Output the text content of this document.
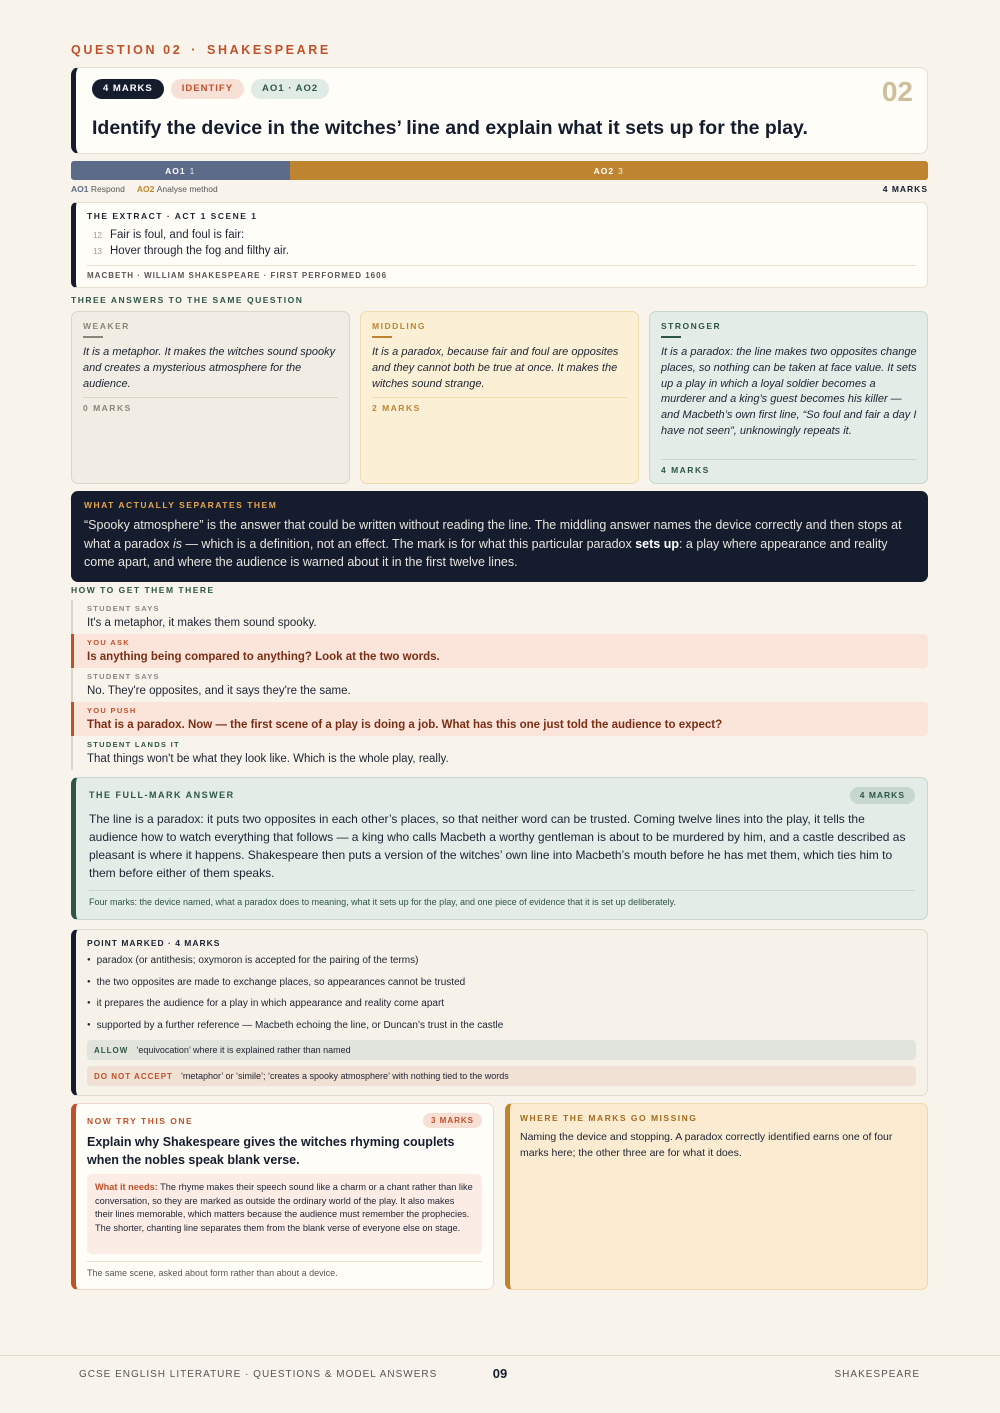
QUESTION 02 · SHAKESPEARE
4 MARKS	IDENTIFY	AO1 · AO2	02
Identify the device in the witches’ line and explain what it sets up for the play.
AO1 1	AO2 3
AO1
Respond AO2
Analyse method	4 MARKS
THE EXTRACT · ACT 1 SCENE 1
12 Fair is foul, and foul is fair:
13 Hover through the fog and filthy air.
MACBETH · WILLIAM SHAKESPEARE · FIRST PERFORMED 1606
THREE ANSWERS TO THE SAME QUESTION
WEAKER
It is a metaphor. It makes the witches sound spooky and creates a mysterious atmosphere for the audience.
0 MARKS
MIDDLING
It is a paradox, because fair and foul are opposites and they cannot both be true at once. It makes the witches sound strange.
2 MARKS
STRONGER
It is a paradox: the line makes two opposites change places, so nothing can be taken at face value. It sets up a play in which a loyal soldier becomes a murderer and a king’s guest becomes his killer — and Macbeth’s own first line, “So foul and fair a day I have not seen”, unknowingly repeats it.
4 MARKS
WHAT ACTUALLY SEPARATES THEM
“Spooky atmosphere” is the answer that could be written without reading the line. The middling answer names the device correctly and then stops at what a paradox is — which is a definition, not an effect. The mark is for what this particular paradox sets up: a play where appearance and reality come apart, and where the audience is warned about it in the first twelve lines.
HOW TO GET THEM THERE
STUDENT SAYS
It's a metaphor, it makes them sound spooky.
YOU ASK
Is anything being compared to anything? Look at the two words.
STUDENT SAYS
No. They're opposites, and it says they're the same.
YOU PUSH
That is a paradox. Now — the first scene of a play is doing a job. What has this one just told the audience to expect?
STUDENT LANDS IT
That things won't be what they look like. Which is the whole play, really.
THE FULL-MARK ANSWER	4 MARKS
The line is a paradox: it puts two opposites in each other’s places, so that neither word can be trusted. Coming twelve lines into the play, it tells the audience how to watch everything that follows — a king who calls Macbeth a worthy gentleman is about to be murdered by him, and a castle described as pleasant is where it happens. Shakespeare then puts a version of the witches’ own line into Macbeth’s mouth before he has met them, which ties him to them before either of them speaks.
Four marks: the device named, what a paradox does to meaning, what it sets up for the play, and one piece of evidence that it is set up deliberately.
POINT MARKED · 4 MARKS
● paradox (or antithesis; oxymoron is accepted for the pairing of the terms)
● the two opposites are made to exchange places, so appearances cannot be trusted
● it prepares the audience for a play in which appearance and reality come apart
● supported by a further reference — Macbeth echoing the line, or Duncan’s trust in the castle
ALLOW ‘equivocation’ where it is explained rather than named
DO NOT ACCEPT ‘metaphor’ or ‘simile’; ‘creates a spooky atmosphere’ with nothing tied to the words
NOW TRY THIS ONE	3 MARKS
Explain why Shakespeare gives the witches rhyming couplets when the nobles speak blank verse.
What it needs: The rhyme makes their speech sound like a charm or a chant rather than like conversation, so they are marked as outside the ordinary world of the play. It also makes their lines memorable, which matters because the audience must remember the prophecies. The shorter, chanting line separates them from the blank verse of everyone else on stage.
The same scene, asked about form rather than about a device.
WHERE THE MARKS GO MISSING
Naming the device and stopping. A paradox correctly identified earns one of four marks here; the other three are for what it does.
GCSE ENGLISH LITERATURE · QUESTIONS & MODEL ANSWERS	09	SHAKESPEARE
